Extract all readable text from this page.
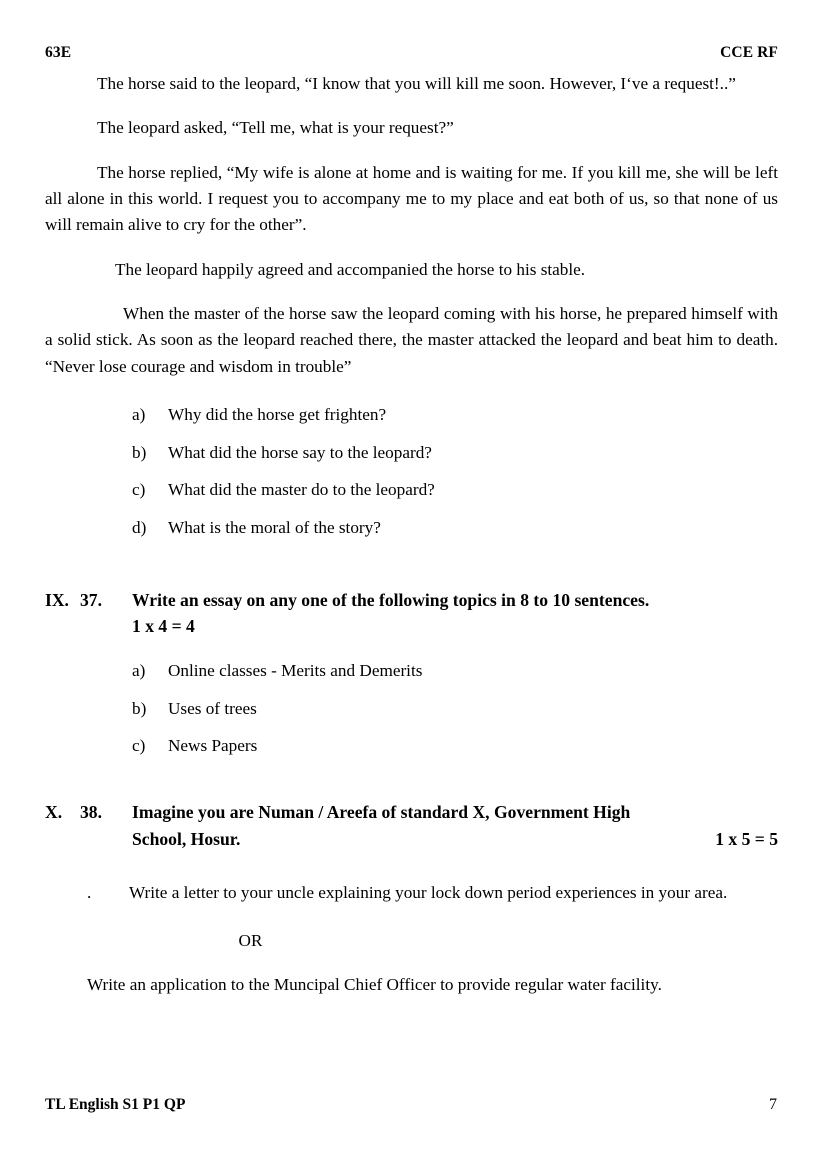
63E	CCE RF

The horse said to the leopard, “I know that you will kill me soon. However, I‘ve a request!..”

The leopard asked, “Tell me, what is your request?”

The horse replied, “My wife is alone at home and is waiting for me. If you kill me, she will be left all alone in this world. I request you to accompany me to my place and eat both of us, so that none of us will remain alive to cry for the other”.

The leopard happily agreed and accompanied the horse to his stable.

When the master of the horse saw the leopard coming with his horse, he prepared himself with a solid stick. As soon as the leopard reached there, the master attacked the leopard and beat him to death. “Never lose courage and wisdom in trouble”

a)	Why did the horse get frighten?
b)	What did the horse say to the leopard?
c)	What did the master do to the leopard?
d)	What is the moral of the story?
IX. 37.	Write an essay on any one of the following topics in 8 to 10 sentences.
1 x 4 = 4
a)	Online classes - Merits and Demerits
b)	Uses of trees
c)	News Papers
X.	38.	Imagine you are Numan / Areefa of standard X, Government High
School, Hosur.	1 x 5 = 5
.	Write a letter to your uncle explaining your lock down period experiences in your area.
OR

Write an application to the Muncipal Chief Officer to provide regular water facility.

TL English S1 P1 QP	7
